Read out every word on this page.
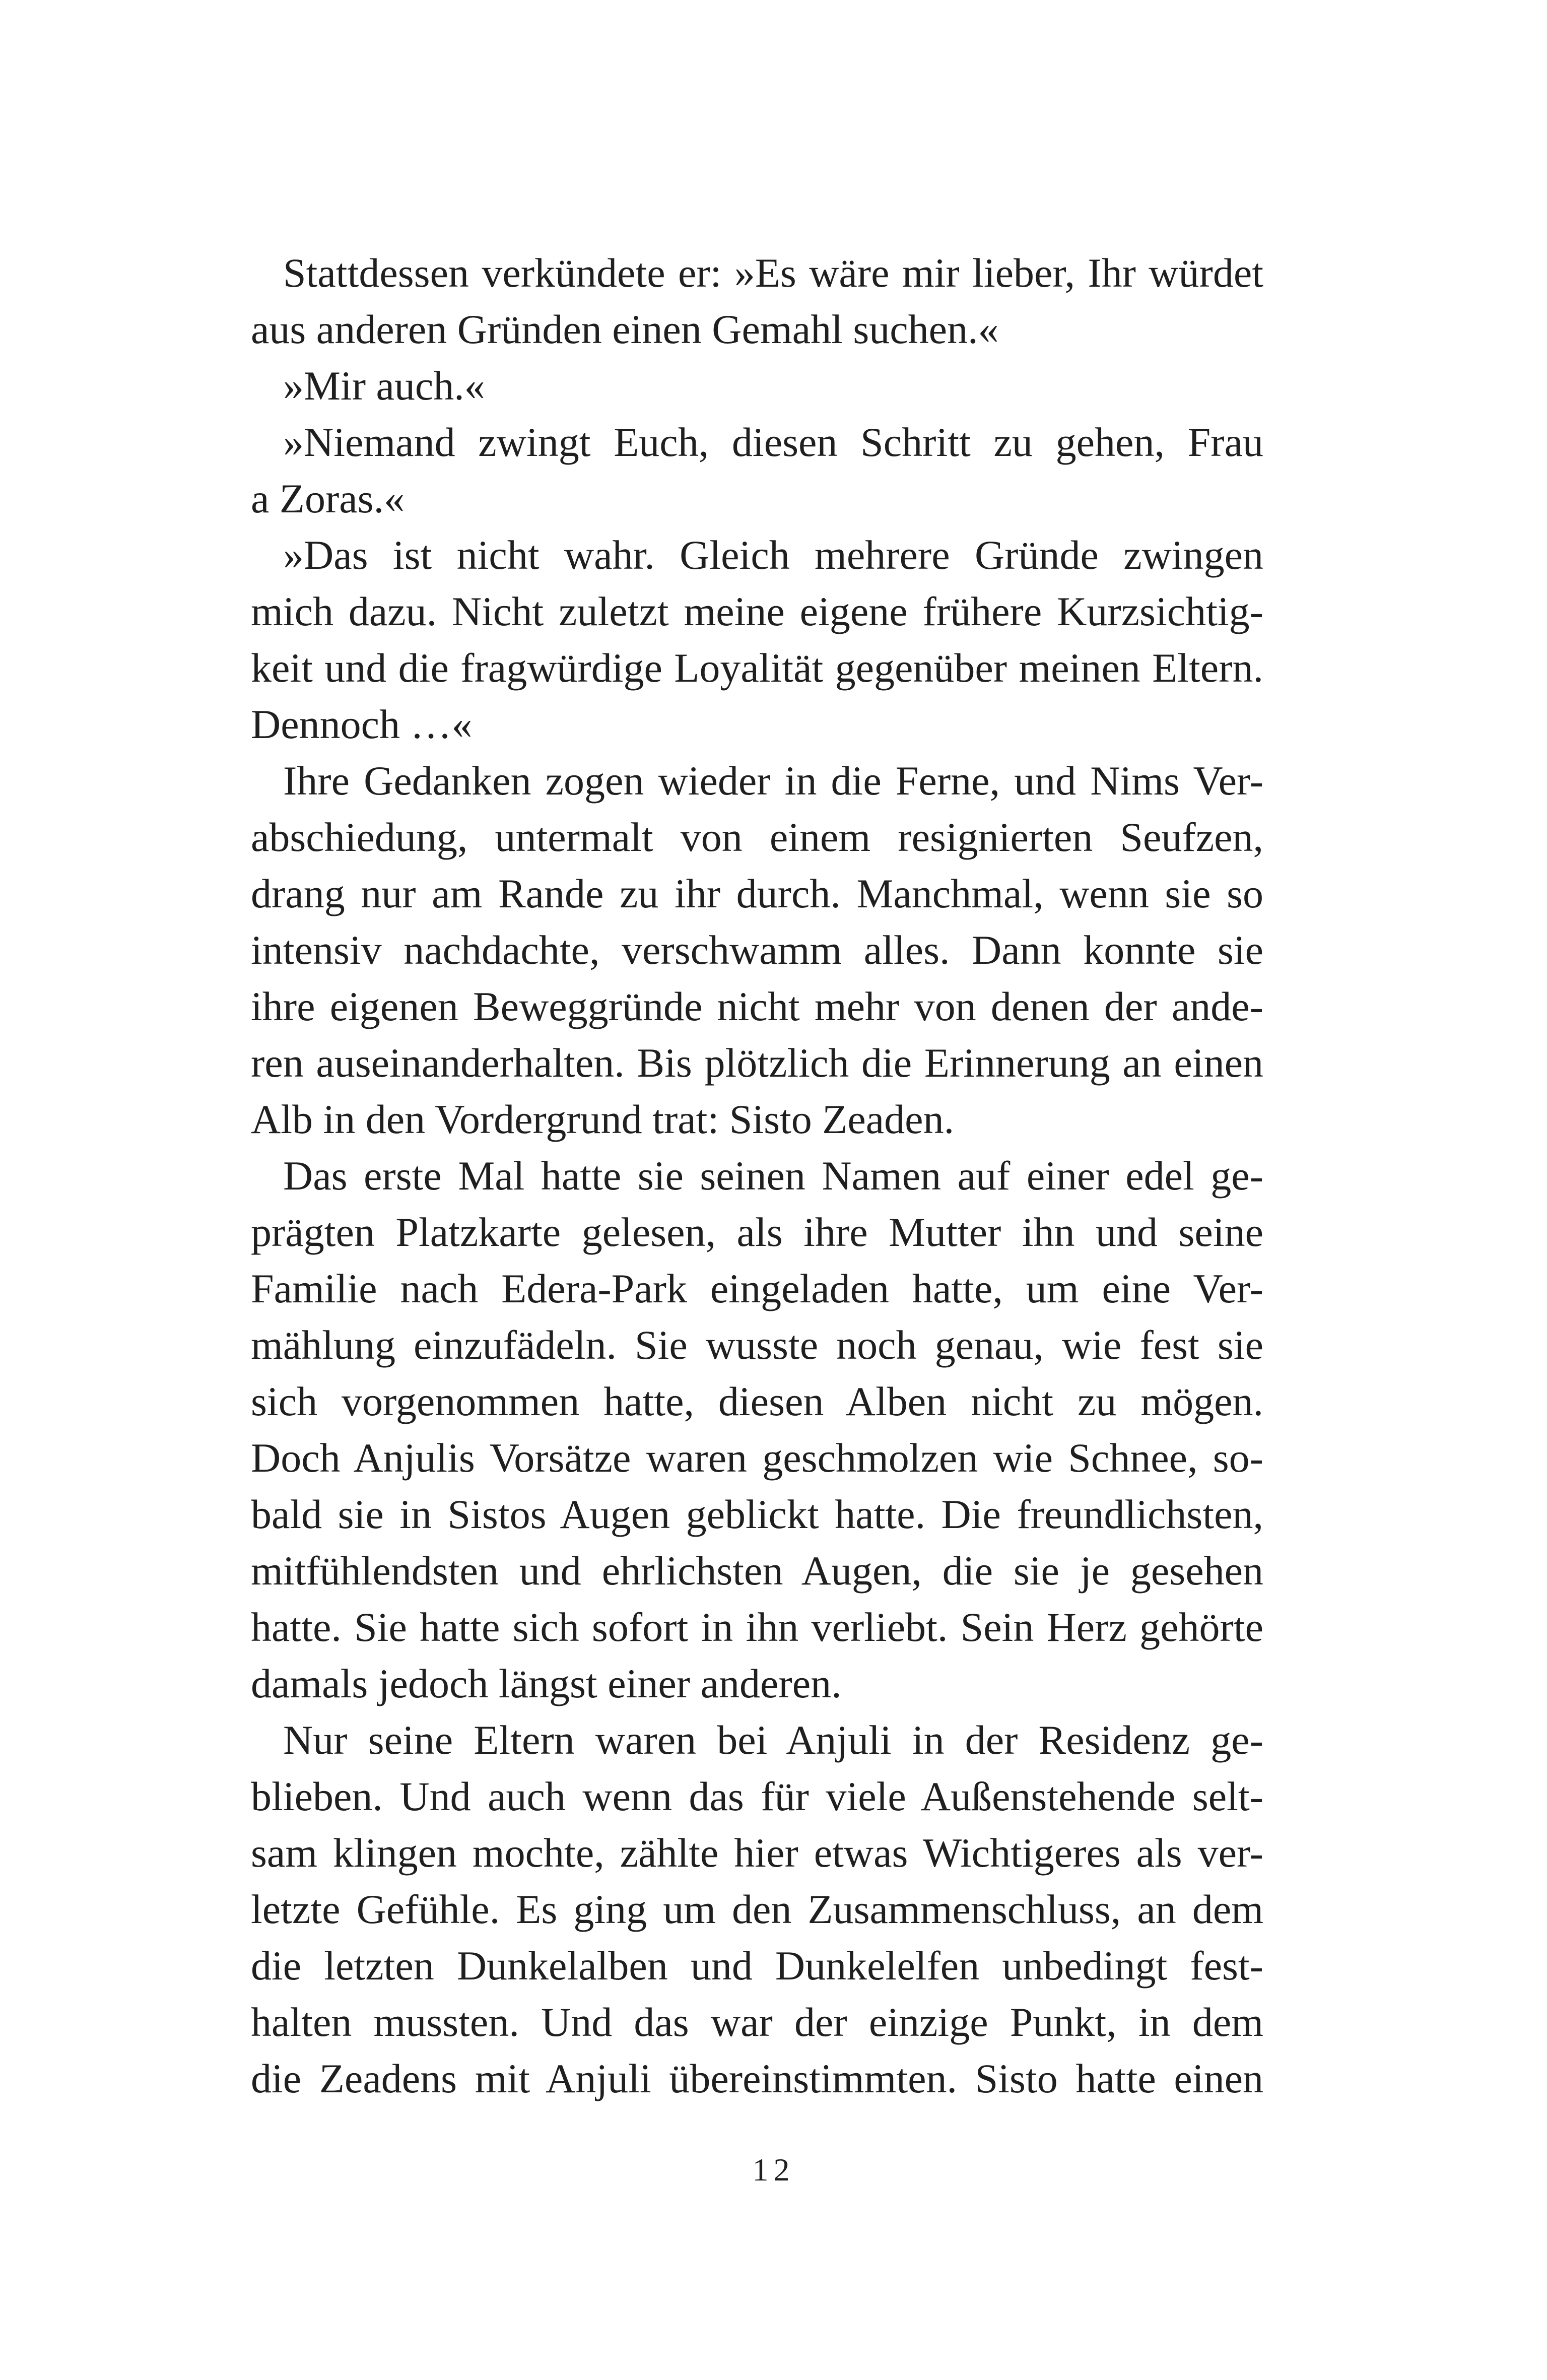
Stattdessen verkündete er: »Es wäre mir lieber, Ihr würdet
aus anderen Gründen einen Gemahl suchen.«
»Mir auch.«
»Niemand zwingt Euch, diesen Schritt zu gehen, Frau
a Zoras.«
»Das ist nicht wahr. Gleich mehrere Gründe zwingen
mich dazu. Nicht zuletzt meine eigene frühere Kurzsichtig-
keit und die fragwürdige Loyalität gegenüber meinen Eltern.
Dennoch …«
Ihre Gedanken zogen wieder in die Ferne, und Nims Ver-
abschiedung, untermalt von einem resignierten Seufzen,
drang nur am Rande zu ihr durch. Manchmal, wenn sie so
intensiv nachdachte, verschwamm alles. Dann konnte sie
ihre eigenen Beweggründe nicht mehr von denen der ande-
ren auseinanderhalten. Bis plötzlich die Erinnerung an einen
Alb in den Vordergrund trat: Sisto Zeaden.
Das erste Mal hatte sie seinen Namen auf einer edel ge-
prägten Platzkarte gelesen, als ihre Mutter ihn und seine
Familie nach Edera-Park eingeladen hatte, um eine Ver-
mählung einzufädeln. Sie wusste noch genau, wie fest sie
sich vorgenommen hatte, diesen Alben nicht zu mögen.
Doch Anjulis Vorsätze waren geschmolzen wie Schnee, so-
bald sie in Sistos Augen geblickt hatte. Die freundlichsten,
mitfühlendsten und ehrlichsten Augen, die sie je gesehen
hatte. Sie hatte sich sofort in ihn verliebt. Sein Herz gehörte
damals jedoch längst einer anderen.
Nur seine Eltern waren bei Anjuli in der Residenz ge-
blieben. Und auch wenn das für viele Außenstehende selt-
sam klingen mochte, zählte hier etwas Wichtigeres als ver-
letzte Gefühle. Es ging um den Zusammenschluss, an dem
die letzten Dunkelalben und Dunkelelfen unbedingt fest-
halten mussten. Und das war der einzige Punkt, in dem
die Zeadens mit Anjuli übereinstimmten. Sisto hatte einen
12
